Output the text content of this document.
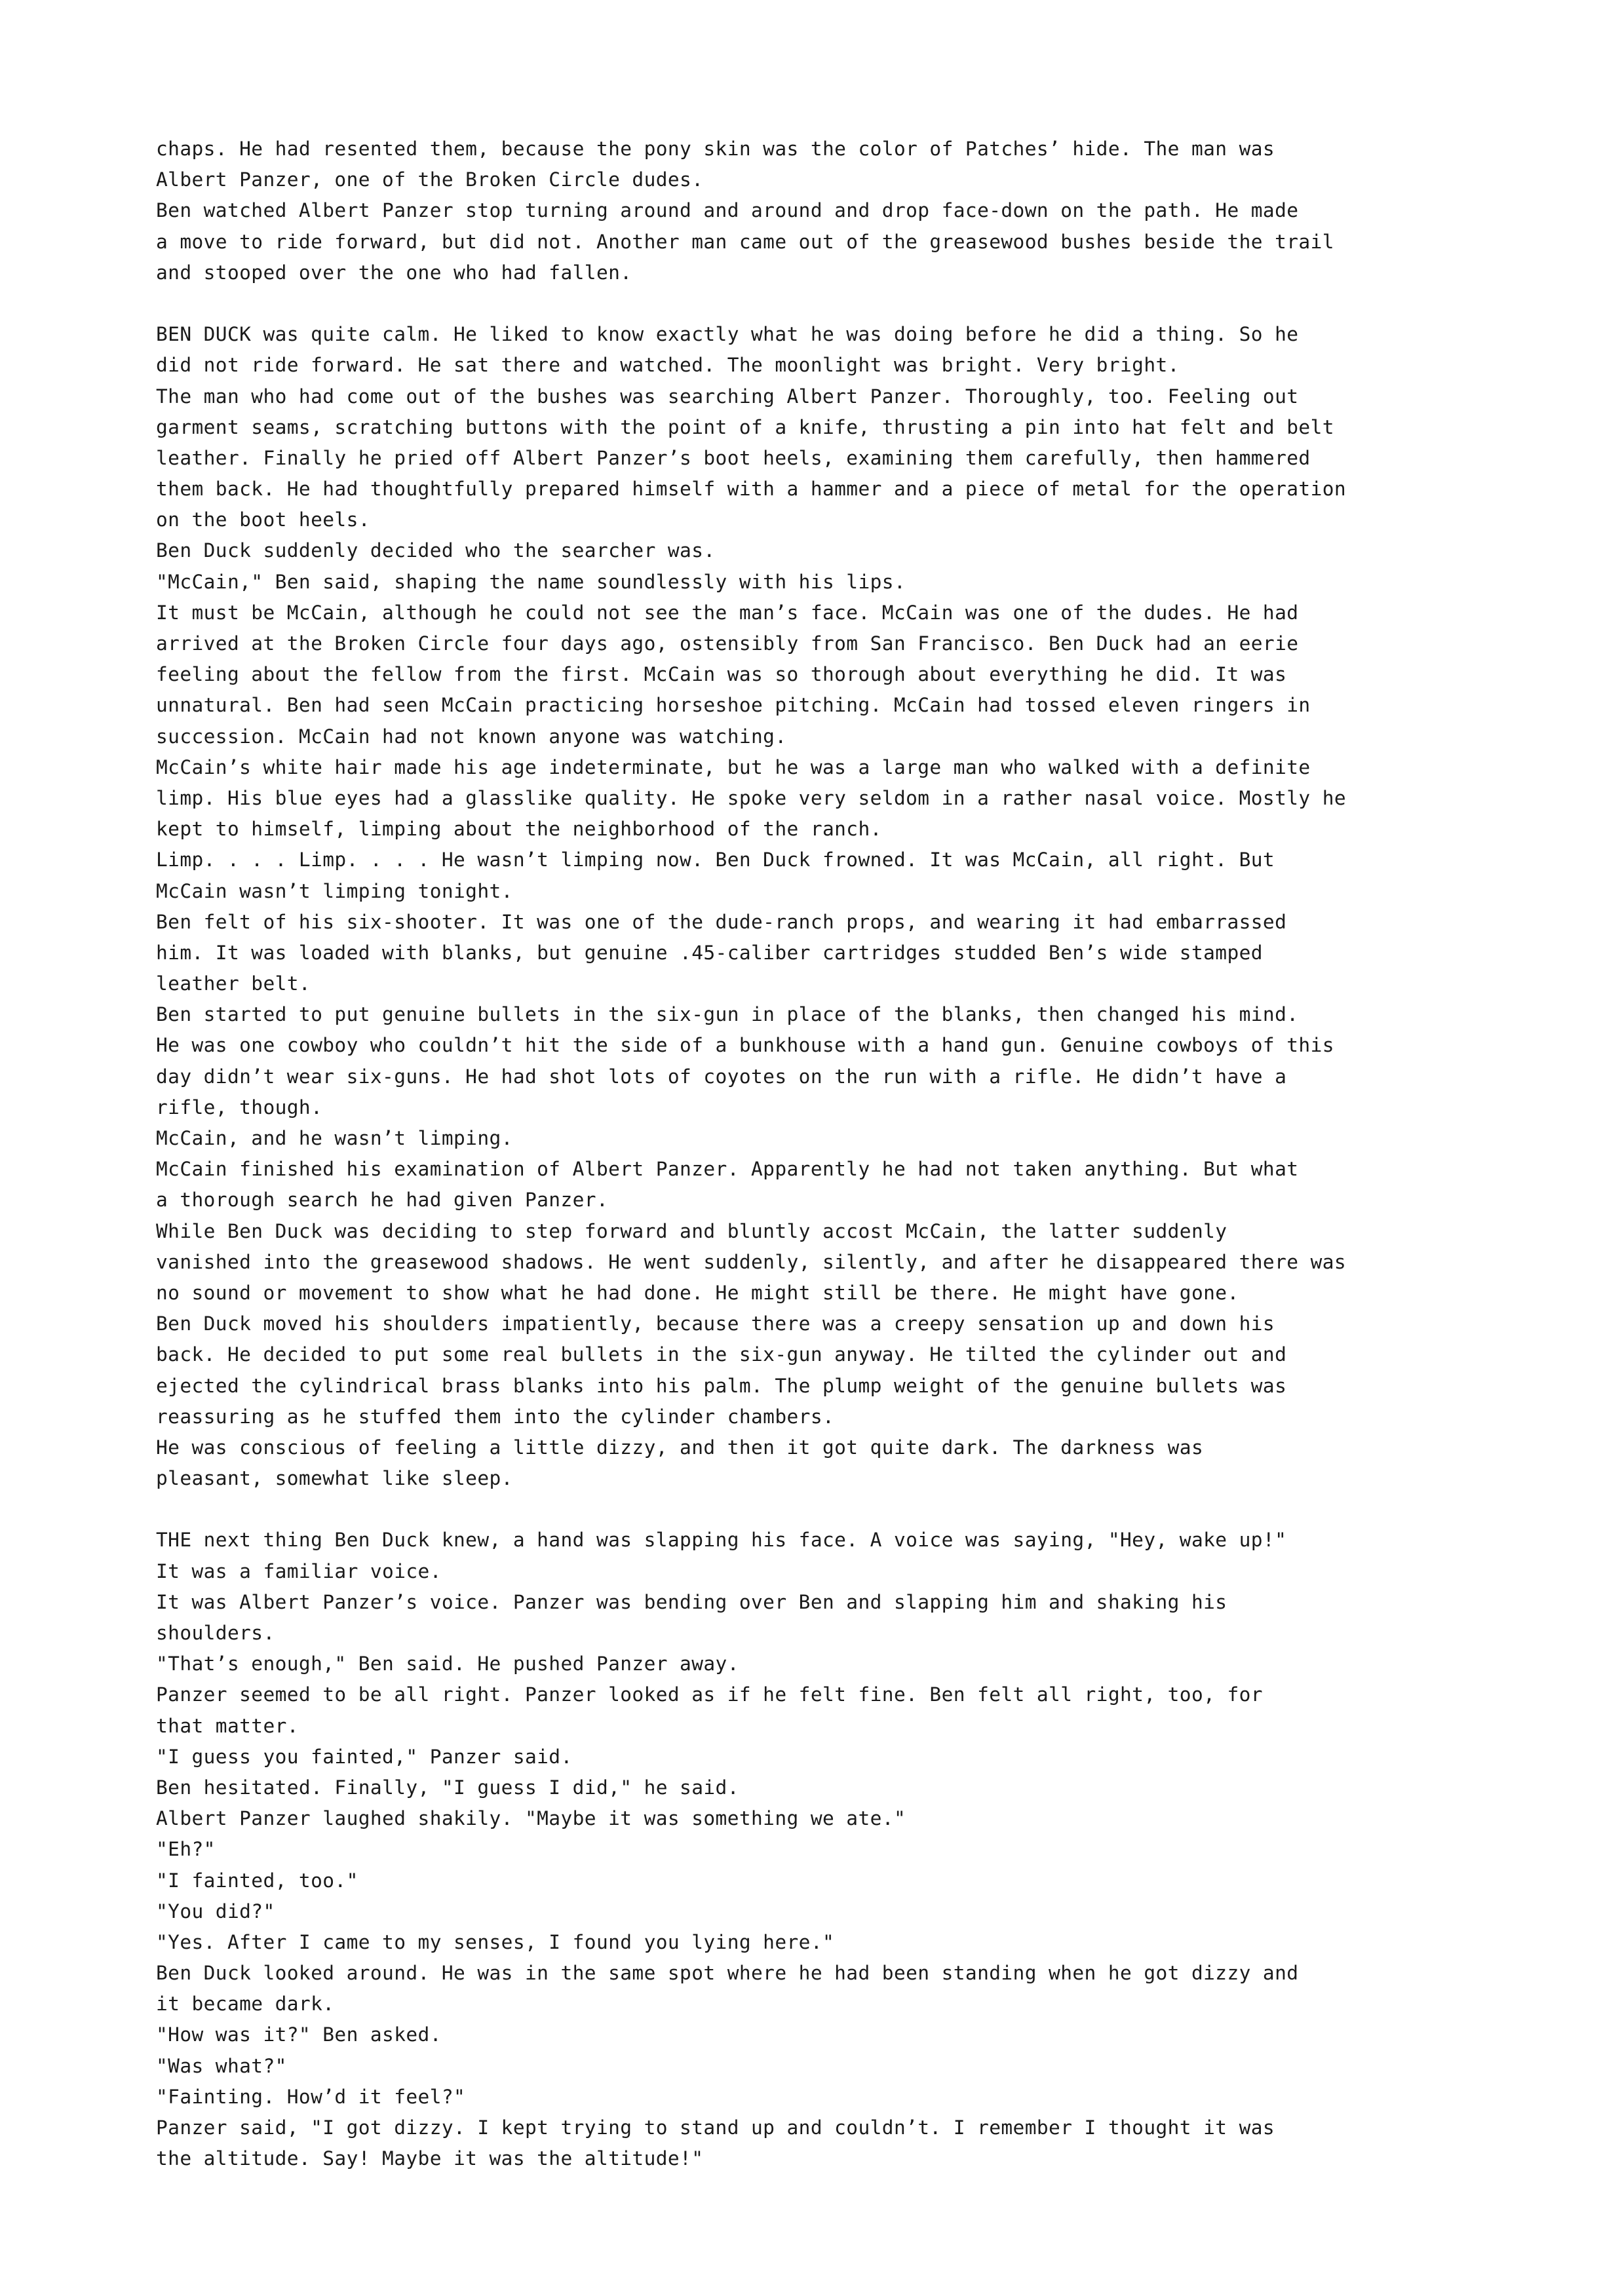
chaps. He had resented them, because the pony skin was the color of Patches’ hide. The man was
Albert Panzer, one of the Broken Circle dudes.
Ben watched Albert Panzer stop turning around and around and drop face-down on the path. He made
a move to ride forward, but did not. Another man came out of the greasewood bushes beside the trail
and stooped over the one who had fallen.
BEN DUCK was quite calm. He liked to know exactly what he was doing before he did a thing. So he
did not ride forward. He sat there and watched. The moonlight was bright. Very bright.
The man who had come out of the bushes was searching Albert Panzer. Thoroughly, too. Feeling out
garment seams, scratching buttons with the point of a knife, thrusting a pin into hat felt and belt
leather. Finally he pried off Albert Panzer’s boot heels, examining them carefully, then hammered
them back. He had thoughtfully prepared himself with a hammer and a piece of metal for the operation
on the boot heels.
Ben Duck suddenly decided who the searcher was.
"McCain," Ben said, shaping the name soundlessly with his lips.
It must be McCain, although he could not see the man’s face. McCain was one of the dudes. He had
arrived at the Broken Circle four days ago, ostensibly from San Francisco. Ben Duck had an eerie
feeling about the fellow from the first. McCain was so thorough about everything he did. It was
unnatural. Ben had seen McCain practicing horseshoe pitching. McCain had tossed eleven ringers in
succession. McCain had not known anyone was watching.
McCain’s white hair made his age indeterminate, but he was a large man who walked with a definite
limp. His blue eyes had a glasslike quality. He spoke very seldom in a rather nasal voice. Mostly he
kept to himself, limping about the neighborhood of the ranch.
Limp. . . . Limp. . . . He wasn’t limping now. Ben Duck frowned. It was McCain, all right. But
McCain wasn’t limping tonight.
Ben felt of his six-shooter. It was one of the dude-ranch props, and wearing it had embarrassed
him. It was loaded with blanks, but genuine .45-caliber cartridges studded Ben’s wide stamped
leather belt.
Ben started to put genuine bullets in the six-gun in place of the blanks, then changed his mind.
He was one cowboy who couldn’t hit the side of a bunkhouse with a hand gun. Genuine cowboys of this
day didn’t wear six-guns. He had shot lots of coyotes on the run with a rifle. He didn’t have a
rifle, though.
McCain, and he wasn’t limping.
McCain finished his examination of Albert Panzer. Apparently he had not taken anything. But what
a thorough search he had given Panzer.
While Ben Duck was deciding to step forward and bluntly accost McCain, the latter suddenly
vanished into the greasewood shadows. He went suddenly, silently, and after he disappeared there was
no sound or movement to show what he had done. He might still be there. He might have gone.
Ben Duck moved his shoulders impatiently, because there was a creepy sensation up and down his
back. He decided to put some real bullets in the six-gun anyway. He tilted the cylinder out and
ejected the cylindrical brass blanks into his palm. The plump weight of the genuine bullets was
reassuring as he stuffed them into the cylinder chambers.
He was conscious of feeling a little dizzy, and then it got quite dark. The darkness was
pleasant, somewhat like sleep.
THE next thing Ben Duck knew, a hand was slapping his face. A voice was saying, "Hey, wake up!"
It was a familiar voice.
It was Albert Panzer’s voice. Panzer was bending over Ben and slapping him and shaking his
shoulders.
"That’s enough," Ben said. He pushed Panzer away.
Panzer seemed to be all right. Panzer looked as if he felt fine. Ben felt all right, too, for
that matter.
"I guess you fainted," Panzer said.
Ben hesitated. Finally, "I guess I did," he said.
Albert Panzer laughed shakily. "Maybe it was something we ate."
"Eh?"
"I fainted, too."
"You did?"
"Yes. After I came to my senses, I found you lying here."
Ben Duck looked around. He was in the same spot where he had been standing when he got dizzy and
it became dark.
"How was it?" Ben asked.
"Was what?"
"Fainting. How’d it feel?"
Panzer said, "I got dizzy. I kept trying to stand up and couldn’t. I remember I thought it was
the altitude. Say! Maybe it was the altitude!"
